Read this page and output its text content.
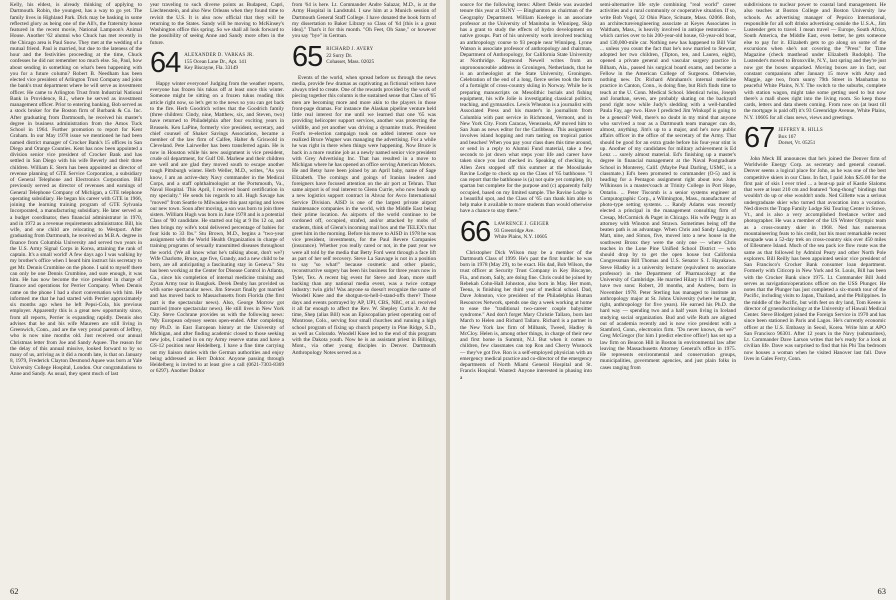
Kelly, his eldest, is already thinking of applying to Dartmouth. Robin, the youngest, has a way to go yet. The family lives in Highland Park. Dick may be basking in some reflected glory as being one of the All's, the fraternity house featured in the recent movie, National Lampoon's Animal House. Another '62 alumni who Chuck has met recently in the Chicago area is Paul Snow. They met at the wedding of a mutual friend. Paul is married, but due to the lateness of the hour and the festivities proceeding at the time, Chuck confesses he did not remember too much else. So, Paul, how about sending in something on what's been happening with you for a future column? Robert B. Needham has been elected vice president of Arlington Trust Company and joins the bank's trust department where he will serve as investment officer. He came to Arlington Trust from Industrial National Bank in Providence, R.I., where he served as investment management officer. Prior to entering banking, Bob served as a stock broker for the Boston firm of Burbank & Co. Inc. After graduating from Dartmouth, he received his master's degree in business administration from the Amos Tuck School in 1964. Further promotion to report for Kent Graham. In our May 1978 issue we mentioned he had been named district manager of Crocker Bank's 15 offices in San Diego and Orange Counties. Kent has now been appointed a division senior vice president of Crocker Bank and has settled in San Diego with his wife Beverly and their three children. William E. Stern has been appointed as director of revenue planning of GTE Service Corporation, a subsidiary of General Telephone and Electronics Corporation. Bill previously served as director of revenues and earnings of General Telephone Company of Michigan, a GTE telephone operating subsidiary. He began his career with GTE in 1966, joining the learning training program of GTE Sylvania Incorporated, a manufacturing subsidiary. He later served as a budget coordinator, then financial administrator in 1970, and in 1972 as a revenue requirements administrator. Bill, his wife, and one child are relocating to Westport. After graduating from Dartmouth, he received an M.B.A. degree in finance from Columbia University and served two years in the U.S. Army Signal Corps in Korea, attaining the rank of captain. It's a small world! A few days ago I was walking by my brother's office when I heard him instruct his secretary to get Mr. Dennis Crumbine on the phone. I said to myself there can only be one Dennis Crumbine, and sure enough, it was him. He has now become the vice president in charge of finance and operations for Perrier Company. When Dennis came on the phone I had a short conversation with him. He informed me that he had started with Perrier approximately six months ago when he left Pepsi-Cola, his previous employer. Apparently this is a great new opportunity since, from all reports, Perrier is expanding rapidly. Dennis also advises that he and his wife Maureen are still living in Greenwich, Conn., and are the very proud parents of Jeffrey, who is now nine months old. Just received our annual Christmas letter from Joe and Sandy Aquee. The reason for the delay of this annual missive, looked forward to by so many of us, arriving as it did a month late, is that on January 8, 1979, Frederick Clayton Desmond Aquee was born at Yale University College Hospital, London. Our congratulations to Anne and Sandy. As usual, they spent much of last

year traveling to such diverse points as Budapest, Capri, Liechtenstein, and also New Orleans when they found time to revisit the U.S. It is also now official that they will be returning to the States. Sandy will be moving to McKinsey's Washington office this spring. So we shall all look forward to the possibility of seeing Anne and Sandy more often in the future.

64 ALEXANDER D. VARKAS JR.
155 Ocean Lane Dr., Apt. 141
Key Biscayne, Fla. 33149

Happy winter everyone! Judging from the weather reports, everyone has frozen his tukus off at least once this winter. Someone might be sitting on a frozen tukus reading this article right now, so let's get to the news so you can get back to the fire. Herb Goodrich writes that the Goodrich family (three children: Cindy, nine, Matthew, six, and Steven, two) have returned to Philadelphia after four exciting years in Brussels. Ken LaPine, formerly vice president, secretary, and chief counsel of Shaker Savings Association, became a member of the law firm of Calfee, Halter & Griswold in Cleveland. Pete Lairweller has been transferred again. He is now in Houston while his new assignment is vice president, crude oil department, for Gulf Oil. Marlene and their children are well and are glad they moved south to escape another rough Pittsburgh winter. Herb Weller, M.D., writes, "As you know, I am an active-duty Navy commander in the Medical Corps, and a staff ophthalmologist at the Portsmouth, Va., Naval Hospital. This April, I received board certification in my specialty." He sends his regards to all. Hugh Savage has "moved" from Seattle to Milwaukee this past spring and loves our new town. Soon after moving, a son was born to join three sisters. William Hugh was born in June 1978 and is a potential Class of '00 candidate. He started out big at 9 lbs 12 oz, and then brings my wife's total delivered percentage of babies for four kids to 33 lbs." Stu Brown, M.D., begins a "two-year assignment with the World Health Organization in charge of training programs of sexually transmitted diseases throughout the world. (We all know what he's talking about, don't we?) Wife Charlotte, Bruce, age five, Grandy, and a new child to be born, are all anticipating a fascinating stay in Geneva." Stu has been working at the Center for Disease Control in Atlanta, Ga., since his completion of internal medicine training and Zycan Army tour in Bangkok. Derek Denby has provided us with some spectacular news. Jim Stewart finally got married and has moved back to Massachusetts from Florida (the first part is the spectacular news). Also, George Morrow got married (more spectacular news). He still lives in New York City. Steve Cochrane provides us with the following news: "My European odyssey seems open-ended. After completing my Ph.D. in East European history at the University of Michigan, and after finding academic closed to those seeking new jobs, I cashed in on my Army reserve status and have a GS-12 position near Heidelberg. I have a fine time carrying out my liaison duties with the German authorities and enjoy being addressed as Herr Doktor. Anyone passing through Heidelberg is invited to at least give a call (0621-7303-8369 or 6297). Another Doktor

from '64 is here. Lt. Commander Andre Salazar, M.D., is at the Army Hospital in Landstuhl. I saw him at a Munich session of Dartmouth General Staff College. I have donated the book form of my dissertation to Baker Library so Class of '64 [this is a great idea]." That's it for this month. "Oh Feet, Oh Sane," or however you say "bye" in German.

65 RICHARD J. AVERY
22 Surry Dr.
Cohasset, Mass. 02025

Events of the world, when spread before us through the news media, provide few dramas as captivating as fictional writers have always tried to create. One of the rewards provided by the work of piecing together this column is the sustained sense that Class of '65 men are becoming more and more akin to the players in those front-page dramas. For instance the Alaskan pipeline venture held little real interest for me until we learned that one '65 was providing helicopter support services, another was protecting the wildlife, and yet another was driving a dynamite truck. President Ford's re-election campaign took on added interest once we realized Bruce Wagner was managing the advertising. For a while he was right in there when things were happening. Now Bruce is back in a more routine job as a newly named senior vice president with Grey Advertising Inc. That has resulted in a move to Michigan where he has opened an office serving American Motors. He and Betsy have been joined by an April baby, name of Sage Elizabeth. The comings and goings of Iranian leaders and foreigners have focused attention on the air port at Tehran. That same airport is of real interest to Glenn Currie, who now heads up a new logistics support contract in Ahvaz for Avco International Service Division. AISD is one of the largest private airport maintenance companies in the world, with the Middle East being their prime location. As airports of the world continue to be cordoned off, occupied, strafed, and/or attacked by mobs of students, think of Glenn's incoming mail box and the TELEX's that greet him in the morning. Before his move to AISD in 1978 he was vice president, investments, for the Paul Revere Companies (insurance). Whether you really cared or not, in the past year we were all told by the media that Betty Ford went through a face lift as part of her self recovery. Steve La Sauvage is not in a position to say "so what!" because cosmetic and other plastic, reconstructive surgery has been his business for three years now in Tyler, Tex. A recent big event for Steve and Joan, more staff backing than any national media event, was a twice cottage industry: twin girls! Was anyone so doesn't recognize the name of Woodell Knee and the shotgun-to-hell-I-stand-offs there? Those days and events portrayed by AP, UPI, CBS, NBC, et al. received it all far enough to affect the Rev. W. Shepley Curtis Jr. At the time, Shep (alias Bill) was an Episcopalian priest operating out of Montrose, Colo., serving four small churches and running a high school program of fixing up church property in Pine Ridge, S.D., as well as Colorado. Woodell Knee led to the end of this program with the Dakota youth. Now he is an assistant priest in Billings, Mont., via other young disciples in Denver. Dartmouth Anthropology Notes served as a

62

source for the following items: Albert Dekle was awarded tenure this year at SUNY — Binghamton as chairman of the Geography Department. William Koelege is an associate professor at the University of Manitoba in Winnipeg. Skip has a grant to study the effects of hydro development on native groups. Part of his university work involved teaching an anthropology course to 93 people near Winnipeg. Lynne Watson is associate professor of anthropology and chairman, Department of Anthropology, for California State University at Northridge. Raymond Newell writes from an unpronounceable address in Groningen, Netherlands, that he is an archeologist at the State University, Groningen. Celebration of the end of a long, fierce series took the form of a fortnight of cross-country skiing in Norway. While he is preparing manuscripts on Mesolithic burials and fishing equipment, his wife Jolie is investigating classical politics, teaching, and gymnastics. Lewis Wheaton is a journalist with Associated Press and his master's in journalism from Columbia with past service in Richmond, Vermont, and in New York City. From Caracas, Venezuela, AP moved him to San Juan as news editor for the Caribbean. This assignment involves island hopping and rum tasting on tropical patios and beaches! When you pay your class dues this time around, or send in a reply to Alumni Fund material, take a few seconds to jot down what steps your life and career have taken since you last checked in. Speaking of checking in, Allen Zern stopped off this summer at the Moosilauke Ravine Lodge to check up on the Class of '65 bathhouse. "I can report that the bathhouse is (a) not quite yet complete, (b) spartan but complete for the purpose and (c) apparently fully occupied, based on my limited sample. The Ravine Lodge is a beautiful spot, and the Class of '65 can thank him able to help make it available to more students than would otherwise have a chance to stay there."

66 LAWRENCE J. GEIGER
93 Greenridge Ave.
White Plains, N.Y. 10605

Christopher Dick Wilson may be a member of the Dartmouth Class of 1999. He's past the first hurdle: he was born in 1978 (May 29), to be exact. His dad, Bob Wilson, the trust officer at Security Trust Company in Key Biscayne, Fla., and mom, Sally, are doing fine. Chris could be joined by Rebekah Cohn-Hall Johnston, also born in May. Her mom, Teena, is finishing her third year of medical school. Dad, Dave Johnston, vice president of the Philadelphia Human Resources Network, spends one day a week working at home to ease the "traditional two-career couple babysitter syndrome." And don't forget Mary Christie Tallaro, born last March to Helen and Richard Tallaro. Richard is a partner in the New York law firm of Milbank, Tweed, Hadley & McCloy. Helen is, among other things, in charge of their new and first home in Summit, N.J. But when it comes to children, few classmates can top Ron and Cherry Wusnock — they've got five. Ron is a self-employed physician with an emergency medical practice and co-director of the emergency departments of North Miami General Hospital and St. Francis Hospital. Wanted: Anyone interested in phasing into a

semi-alternative life style combining "real world" career activities and a rural community or cooperative situation. If so, write Bob Vogel, 32 Ohio Place, Scituate, Mass. 02066. Bob, an architecture/engineering associate at Keyes Associates in Waltham, Mass., is heavily involved in antique restoration — which carries over to his 200-year-old house, 63-year-old boat, and 130,000-mile car. Nothing new has happened to Bill Viar ... unless you count the fact that he's now married to Stewart, adopted her two children, (Tipton, ten, and Lauren, eight), opened a private general and vascular surgery practice in Bilham, Ala., passed his surgical board exams, and become a Fellow in the American College of Surgeons. Otherwise, nothing new. Dr. Richard Abrahams's internal medicine practice in Canton, Conn., is doing fine, but Rich finds time to teach at the U. Conn. Medical School. Identical twins, Joseph and Jonathan, seven, are probably skating on the backyard pond right now while Judy's sledding with a well-handled Paula Fay, age two. Have I predicted Jim Winkopf is going to be a general? Well, there's no doubt in my mind that anyone who survived a tour as a Dartmouth team manager can do, almost, anything. Jim's up to a major, and he's now public affairs officer in the office of the secretary of the Army. That should be good for an extra grade before his four-year stint is up. Another of my candidates for military achievement is Ed Lenz ... surely almost material. Ed's finishing up a master's degree in financial management at the Naval Postgraduate School in Monterey, Calif. (Maybe Paul Darling, USMC, is a classmate.) Ed's been promoted to commander (O-5) and is heading for a Pentagon assignment right about now. John Wilkinson is a master/coach at Trinity College in Port Hope, Ontario. ... Peter Tiscomb is a senior systems engineer at Computographic Corp., a Wilmington, Mass., manufacturer of photo-type setting systems. ... Randy Adams was recently elected a principal in the management consulting firm of Cresap, McCormick & Paget in Chicago. His wife Peggy is an attorney with Winston and Strawn. Sometimes being off the beaten path is an advantage. When Chris and Sandy Laughry, Matt, nine, and Simon, five, moved into a new house in the southwest Bronx they were the only one — where Chris teaches in the Lone Pine Unified School District — who should drop by to get the open house but California Congressman Bill Thomas and U.S. Senator S. I. Hayakawa. Steve Hladky is a university lecturer (equivalent to associate professor) in the Department of Pharmacology at the University of Cambridge. He married Hilary in 1974 and they have two sons: Robert, 20 months, and Andrew, born in November 1978. Peter Sterling has managed to institute an anthropology major at St. Johns University (where he taught, right, anthropology for five years). He earned his Ph.D. the hard way — spending two and a half years living in Iceland studying social organization. Bud and wife Ruth are aligned out of academia recently and is now vice president with a Stamford, Conn., electronics firm. "Do never knows, do we?" Greg McGregor (for him I predict elective office!) has set up a law firm on Beacon Hill in Boston in environmental law after leaving the Massachusetts Attorney General's office in 1975. He represents environmental and conservation groups, municipalities, government agencies, and just plain folks in cases ranging from

subdivisions to nuclear power to coastal land management. He also teaches at Boston College and Boston University law schools. As advertising manager of Pepsico International, responsible for all soft drinks advertising outside the U.S.A., Jim Lustender gets to travel. I mean travel — Europe, South Africa, South America, the Middle East, even better, he gets someone else to pay for it. Elizabeth gets to go along on some of the excursions when she's not covering the "Press" for Time Magazine (check masthead under Elizabeth Rudolph). The Lustender's moved to Bronxville, N.Y., last spring and they're just now got the boxes unpacked. Moving boxes are in fact, our constant companions after January 15 move with Amy and Maggie, age two, from sunny 79th Street in Manhattan to peaceful White Plains, N.Y. The switch to the suburbs, complete with station wagon, might take some getting used to but now there's a mall shoes right into the living room. So keep those cards, letters and data sheets coming. From now on (at least till the mortgage is paid off) it's 93 Greenridge Avenue, White Plains, N.Y. 10605 for all class news, views and greetings.

67 JEFFREY R. HILLS
Box 167
Dorset, Vt. 05251

John Meck III announces that he's joined the Denver firm of Worldwide Energy Corp. as secretary and general counsel. Denver seems a logical place for John, as he was one of the best competitive skiers in our Class. In fact, I paid John $25.00 for the first pair of skis I ever tried ... a beat-up pair of Kastle Slaloms that were at least 210 cm and featured "long-thong" bindings that wouldn't do up or else wouldn't undo. Ned Gillette was a serious undergraduate skier who turned that avocation into a vocation. Ned directs the Trapp Family Lodge Ski Touring Center in Stowe, Vt., and is also a very accomplished freelance writer and photographer. He was a member of the US Winter Olympic team as a cross-country skier in 1968. Ned has numerous mountaineering feats to his credit, but his most remarkable recent escapade was a 52-day trek on cross-country skis over 450 miles of Ellesmere Island. Much of the sea pack ice flow route was the same as that followed by Admiral Peary and other North Pole explorers. Bill Reilly has been appointed senior vice president of San Francisco's Crocker Bank consumer loan department. Formerly with Citicorp in New York and St. Louis, Bill has been with the Crocker Bank since 1975. Lt. Commander Bill Judd serves as navigation/operations officer on the USS Plunger. He notes that the Plunger has just completed a six-month tour of the Pacific, including visits to Japan, Thailand, and the Philippines. In the middle of the Pacific, but with feet on dry land, Tom Keene is director of gynendocrinology at the University of Hawaii Medical Center. Steve Blodgett joined the Foreign Service in 1970 and has since been stationed in Paris and Lagos. He's currently economic officer at the U.S. Embassy in Seoul, Korea. Write him at APO San Francisco 96301. After 12 years in the Navy (submarines), Lt. Commander Dave Larson writes that he's ready for a look at civilian life. Dave was surprised to find that his Phi Tau bedroom now houses a woman when he visited Hanover last fall. Dave lives in Gales Ferry, Conn.

63
